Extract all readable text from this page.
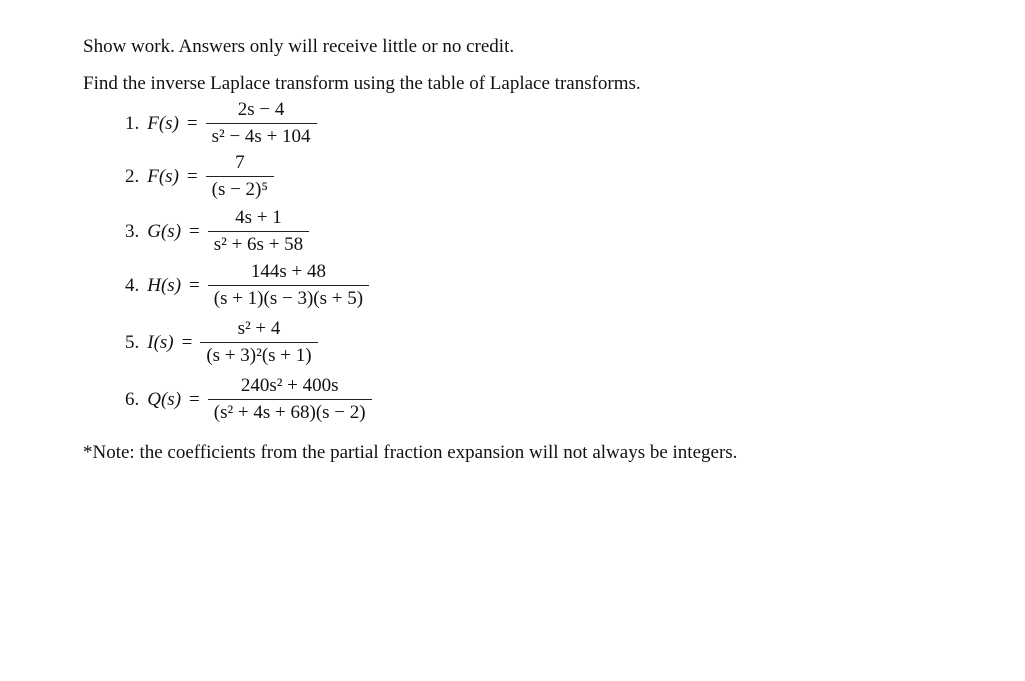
Show work. Answers only will receive little or no credit.
Find the inverse Laplace transform using the table of Laplace transforms.
1. $F(s) = \frac{2s - 4}{\text{s² − 4s + 104}}$
2. $F(s) = \frac{7}{\text{(s − 2)⁵}}$
3. $G(s) = \frac{4s + 1}{\text{s² + 6s + 58}}$
4. $H(s) = \frac{144s + 48}{(s + 1)(s - 3)(s + 5)}$
5. $I(s) = \frac{\text{s² + 4}}{\text{(s + 3)²(s + 1)}}$
6. $Q(s) = \frac{\text{240s² + 400s}}{\text{(s² + 4s + 68)(s − 2)}}$
*Note: the coefficients from the partial fraction expansion will not always be integers.
